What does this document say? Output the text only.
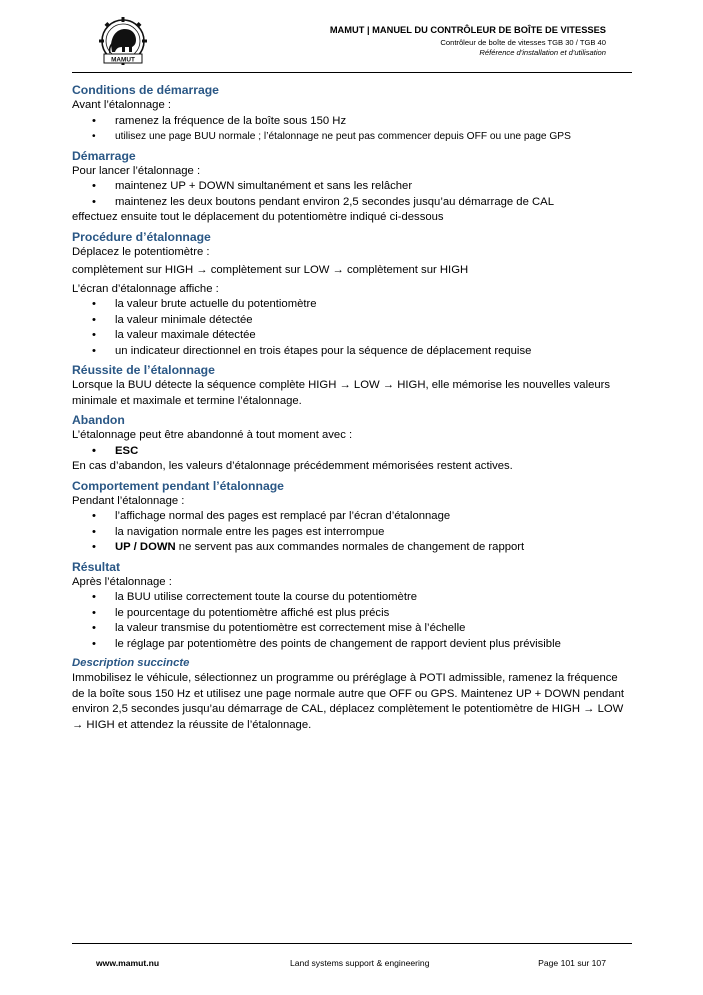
MAMUT
MAMUT | MANUEL DU CONTRÔLEUR DE BOÎTE DE VITESSES
Contrôleur de boîte de vitesses TGB 30 / TGB 40
Référence d'installation et d'utilisation
Conditions de démarrage
Avant l’étalonnage :
• ramenez la fréquence de la boîte sous 150 Hz
• utilisez une page BUU normale ; l’étalonnage ne peut pas commencer depuis OFF ou une page GPS
Démarrage
Pour lancer l’étalonnage :
• maintenez UP + DOWN simultanément et sans les relâcher
• maintenez les deux boutons pendant environ 2,5 secondes jusqu’au démarrage de CAL
effectuez ensuite tout le déplacement du potentiomètre indiqué ci-dessous
Procédure d’étalonnage
Déplacez le potentiomètre :
complètement sur HIGH → complètement sur LOW → complètement sur HIGH
L’écran d’étalonnage affiche :
• la valeur brute actuelle du potentiomètre
• la valeur minimale détectée
• la valeur maximale détectée
• un indicateur directionnel en trois étapes pour la séquence de déplacement requise
Réussite de l’étalonnage
Lorsque la BUU détecte la séquence complète HIGH → LOW → HIGH, elle mémorise les nouvelles valeurs minimale et maximale et termine l’étalonnage.
Abandon
L’étalonnage peut être abandonné à tout moment avec :
• ESC
En cas d’abandon, les valeurs d’étalonnage précédemment mémorisées restent actives.
Comportement pendant l’étalonnage
Pendant l’étalonnage :
• l’affichage normal des pages est remplacé par l’écran d’étalonnage
• la navigation normale entre les pages est interrompue
• UP / DOWN ne servent pas aux commandes normales de changement de rapport
Résultat
Après l’étalonnage :
• la BUU utilise correctement toute la course du potentiomètre
• le pourcentage du potentiomètre affiché est plus précis
• la valeur transmise du potentiomètre est correctement mise à l’échelle
• le réglage par potentiomètre des points de changement de rapport devient plus prévisible
Description succincte
Immobilisez le véhicule, sélectionnez un programme ou préréglage à POTI admissible, ramenez la fréquence de la boîte sous 150 Hz et utilisez une page normale autre que OFF ou GPS. Maintenez UP + DOWN pendant environ 2,5 secondes jusqu’au démarrage de CAL, déplacez complètement le potentiomètre de HIGH → LOW → HIGH et attendez la réussite de l’étalonnage.
www.mamut.nu	Land systems support & engineering	Page 101 sur 107
